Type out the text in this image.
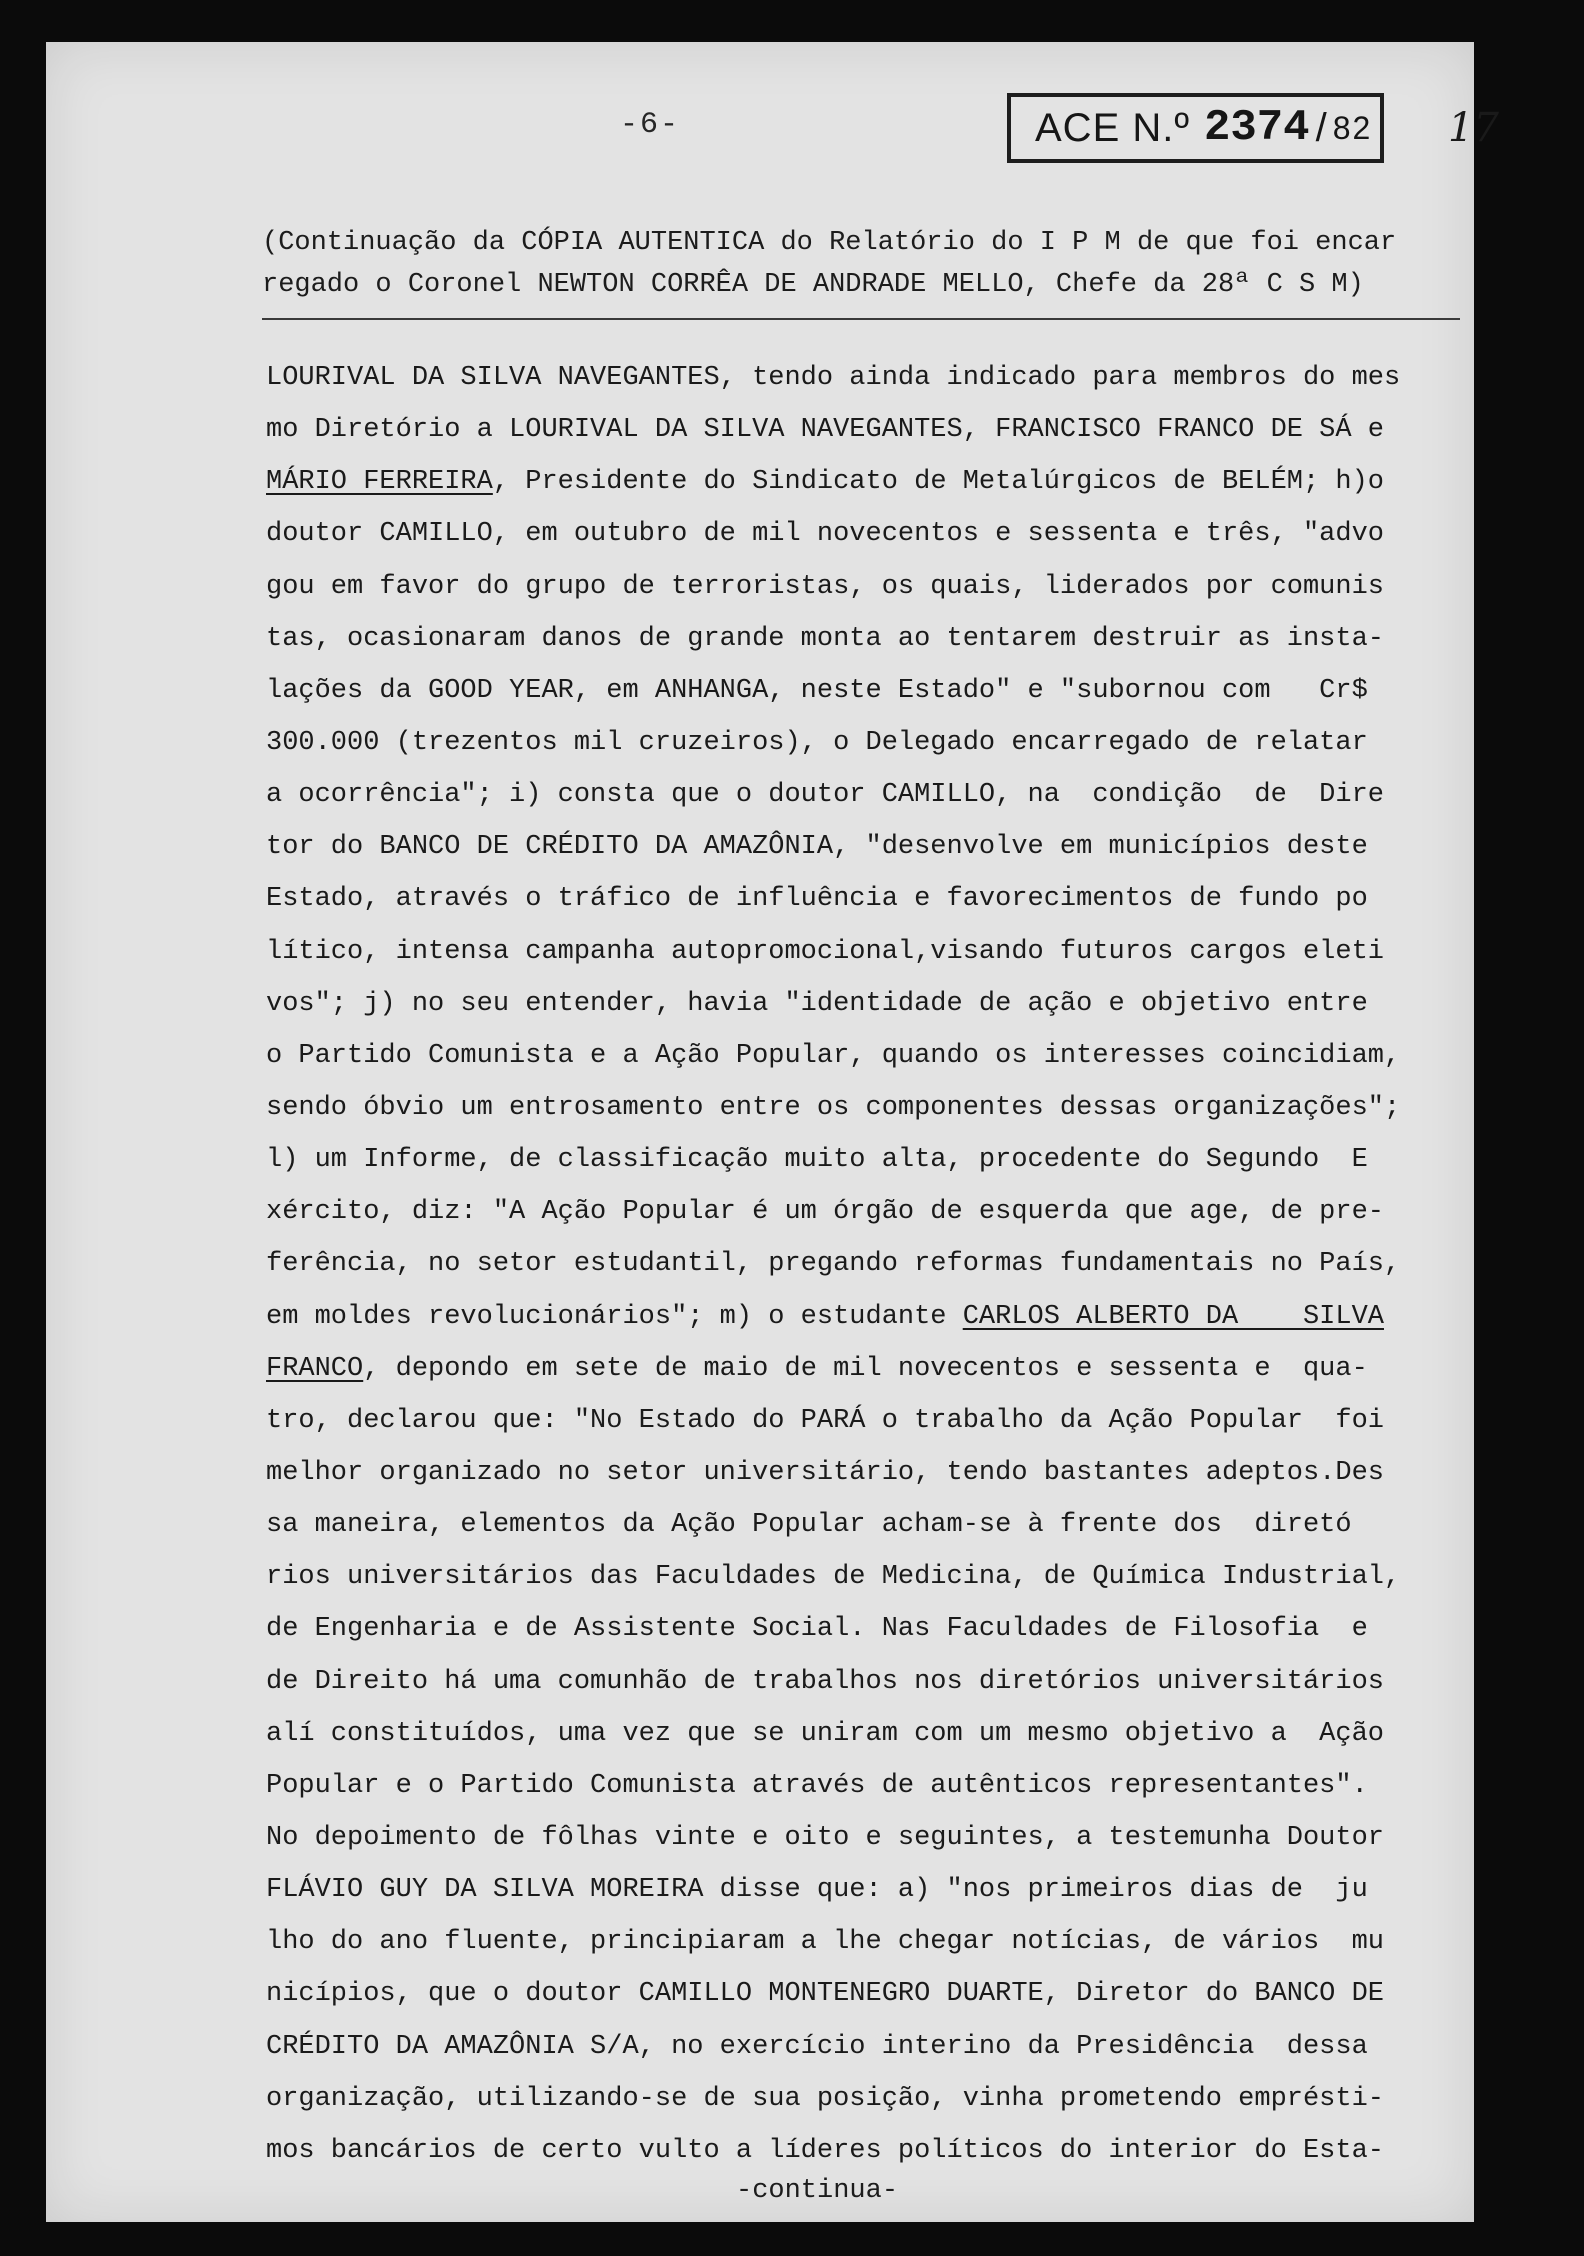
-6-	ACE N.º 2374 / 82 17
(Continuação da CÓPIA AUTENTICA do Relatório do I P M de que foi encar
regado o Coronel NEWTON CORRÊA DE ANDRADE MELLO, Chefe da 28ª C S M)
LOURIVAL DA SILVA NAVEGANTES, tendo ainda indicado para membros do mes
mo Diretório a LOURIVAL DA SILVA NAVEGANTES, FRANCISCO FRANCO DE SÁ e
MÁRIO FERREIRA, Presidente do Sindicato de Metalúrgicos de BELÉM; h)o
doutor CAMILLO, em outubro de mil novecentos e sessenta e três, "advo
gou em favor do grupo de terroristas, os quais, liderados por comunis
tas, ocasionaram danos de grande monta ao tentarem destruir as insta-
lações da GOOD YEAR, em ANHANGA, neste Estado" e "subornou com   Cr$
300.000 (trezentos mil cruzeiros), o Delegado encarregado de relatar
a ocorrência"; i) consta que o doutor CAMILLO, na  condição  de  Dire
tor do BANCO DE CRÉDITO DA AMAZÔNIA, "desenvolve em municípios deste
Estado, através o tráfico de influência e favorecimentos de fundo po
lítico, intensa campanha autopromocional,visando futuros cargos eleti
vos"; j) no seu entender, havia "identidade de ação e objetivo entre
o Partido Comunista e a Ação Popular, quando os interesses coincidiam,
sendo óbvio um entrosamento entre os componentes dessas organizações";
l) um Informe, de classificação muito alta, procedente do Segundo  E
xército, diz: "A Ação Popular é um órgão de esquerda que age, de pre-
ferência, no setor estudantil, pregando reformas fundamentais no País,
em moldes revolucionários"; m) o estudante CARLOS ALBERTO DA    SILVA
FRANCO, depondo em sete de maio de mil novecentos e sessenta e  qua-
tro, declarou que: "No Estado do PARÁ o trabalho da Ação Popular  foi
melhor organizado no setor universitário, tendo bastantes adeptos.Des
sa maneira, elementos da Ação Popular acham-se à frente dos  diretó
rios universitários das Faculdades de Medicina, de Química Industrial,
de Engenharia e de Assistente Social. Nas Faculdades de Filosofia  e
de Direito há uma comunhão de trabalhos nos diretórios universitários
alí constituídos, uma vez que se uniram com um mesmo objetivo a  Ação
Popular e o Partido Comunista através de autênticos representantes".
No depoimento de fôlhas vinte e oito e seguintes, a testemunha Doutor
FLÁVIO GUY DA SILVA MOREIRA disse que: a) "nos primeiros dias de  ju
lho do ano fluente, principiaram a lhe chegar notícias, de vários  mu
nicípios, que o doutor CAMILLO MONTENEGRO DUARTE, Diretor do BANCO DE
CRÉDITO DA AMAZÔNIA S/A, no exercício interino da Presidência  dessa
organização, utilizando-se de sua posição, vinha prometendo emprésti-
mos bancários de certo vulto a líderes políticos do interior do Esta-
-continua-
